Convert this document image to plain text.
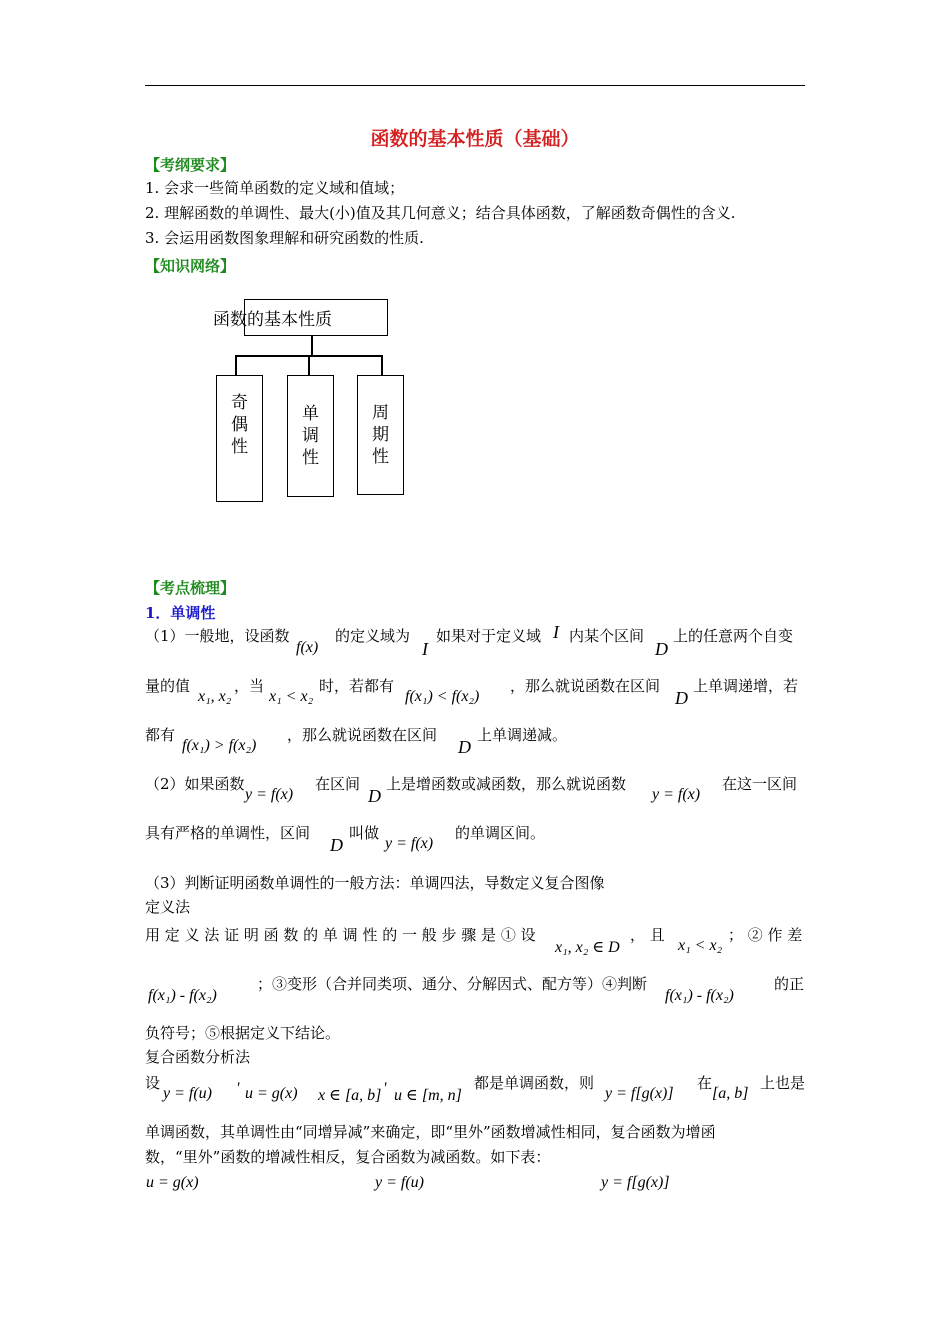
函数的基本性质（基础）
【考纲要求】
1. 会求一些简单函数的定义域和值域；
2. 理解函数的单调性、最大(小)值及其几何意义；结合具体函数，了解函数奇偶性的含义.
3. 会运用函数图象理解和研究函数的性质.
【知识网络】
函数的基本性质
奇
偶
性
单
调
性
周
期
性
【考点梳理】
1．单调性
（1）一般地，设函数
f(x)
的定义域为
I
如果对于定义域 I 内某个区间
D
上的任意两个自变
量的值
x₁, x₂
，当
x₁ < x₂
时，若都有
f(x₁) < f(x₂)
，那么就说函数在区间
D
上单调递增，若
都有
f(x₁) > f(x₂)
，那么就说函数在区间
D
上单调递减。
（2）如果函数
y = f(x)
在区间
D
上是增函数或减函数，那么就说函数
y = f(x)
在这一区间
具有严格的单调性，区间
D
叫做
y = f(x)
的单调区间。
（3）判断证明函数单调性的一般方法：单调四法，导数定义复合图像
定义法
用 定 义 法 证 明 函 数 的 单 调 性 的 一 般 步 骤 是 ① 设
x₁, x₂ ∈ D
， 且
x₁ < x₂
； ② 作 差
f(x₁) - f(x₂)
；③变形（合并同类项、通分、分解因式、配方等）④判断
f(x₁) - f(x₂)
的正
负符号；⑤根据定义下结论。
复合函数分析法
设
y = f(u) ' u = g(x) x ∈ [a, b] ' u ∈ [m, n]
都是单调函数，则
y = f[g(x)]
在
[a, b]
上也是
单调函数，其单调性由“同增异减”来确定，即“里外”函数增减性相同，复合函数为增函
数，“里外”函数的增减性相反，复合函数为减函数。如下表：
u = g(x)	y = f(u)	y = f[g(x)]
